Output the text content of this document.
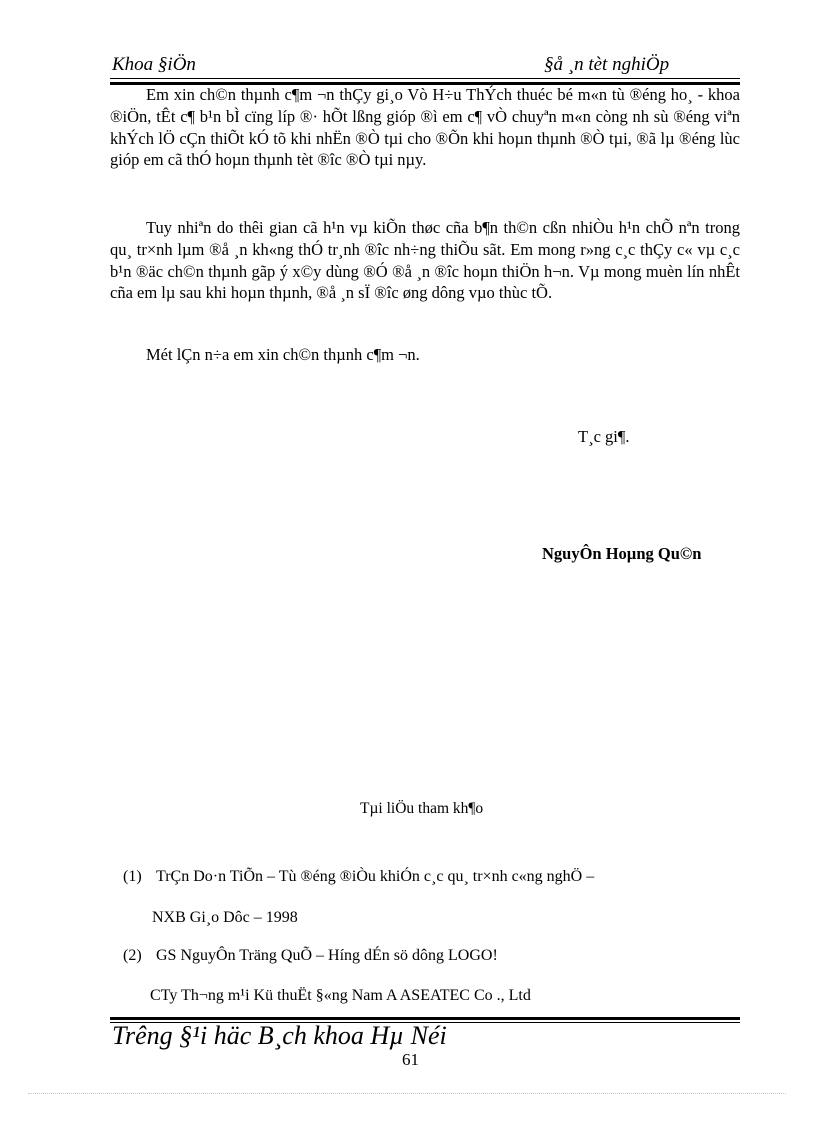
Khoa §iÖn	§å ¸n tèt nghiÖp

Em xin ch©n thµnh c¶m ¬n thÇy gi¸o Vò H÷u ThÝch thuéc bé m«n tù ®éng ho¸ - khoa ®iÖn, tÊt c¶ b¹n bÌ cïng líp ®· hÕt lßng gióp ®ì em c¶ vÒ chuyªn m«n còng nh sù ®éng viªn khÝch lÖ cÇn thiÕt kÓ tõ khi nhËn ®Ò tµi cho ®Õn khi hoµn thµnh ®Ò tµi, ®ã lµ ®éng lùc gióp em cã thÓ hoµn thµnh tèt ®îc ®Ò tµi nµy.

Tuy nhiªn do thêi gian cã h¹n vµ kiÕn thøc cña b¶n th©n cßn nhiÒu h¹n chÕ nªn trong qu¸ tr×nh lµm ®å ¸n kh«ng thÓ tr¸nh ®îc nh÷ng thiÕu sãt. Em mong r»ng c¸c thÇy c« vµ c¸c b¹n ®äc ch©n thµnh gãp ý x©y dùng ®Ó ®å ¸n ®îc hoµn thiÖn h¬n. Vµ mong muèn lín nhÊt cña em lµ sau khi hoµn thµnh, ®å ¸n sÏ ®îc øng dông vµo thùc tÕ.

Mét lÇn n÷a em xin ch©n thµnh c¶m ¬n.

T¸c gi¶.
NguyÔn Hoµng Qu©n
Tµi liÖu tham kh¶o
(1) TrÇn Do·n TiÕn – Tù ®éng ®iÒu khiÓn c¸c qu¸ tr×nh c«ng nghÖ –
NXB Gi¸o Dôc – 1998
(2) GS NguyÔn Träng QuÕ – Híng dÉn sö dông LOGO!
CTy Th¬ng m¹i Kü thuËt §«ng Nam A ASEATEC Co ., Ltd
Trêng §¹i häc B¸ch khoa Hµ Néi
61
